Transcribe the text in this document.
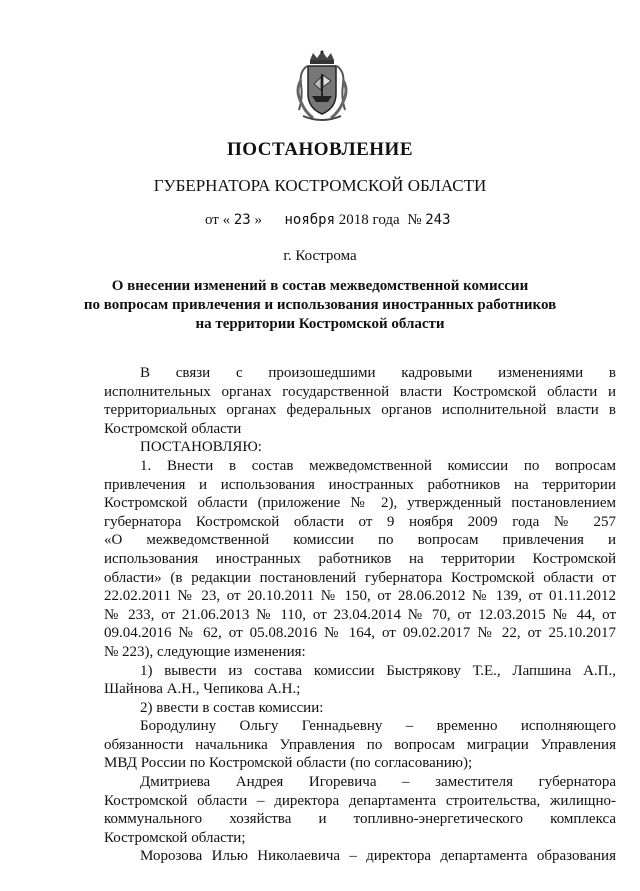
ПОСТАНОВЛЕНИЕ
ГУБЕРНАТОРА КОСТРОМСКОЙ ОБЛАСТИ
от « 23 » ноября 2018 года № 243
г. Кострома
О внесении изменений в состав межведомственной комиссии
по вопросам привлечения и использования иностранных работников
на территории Костромской области
В связи с произошедшими кадровыми изменениями в
исполнительных органах государственной власти Костромской области и
территориальных органах федеральных органов исполнительной власти в
Костромской области
ПОСТАНОВЛЯЮ:
1. Внести в состав межведомственной комиссии по вопросам
привлечения и использования иностранных работников на территории
Костромской области (приложение № 2), утвержденный постановлением
губернатора Костромской области от 9 ноября 2009 года № 257
«О межведомственной комиссии по вопросам привлечения и
использования иностранных работников на территории Костромской
области» (в редакции постановлений губернатора Костромской области от
22.02.2011 № 23, от 20.10.2011 № 150, от 28.06.2012 № 139, от 01.11.2012
№ 233, от 21.06.2013 № 110, от 23.04.2014 № 70, от 12.03.2015 № 44, от
09.04.2016 № 62, от 05.08.2016 № 164, от 09.02.2017 № 22, от 25.10.2017
№ 223), следующие изменения:
1) вывести из состава комиссии Быстрякову Т.Е., Лапшина А.П.,
Шайнова А.Н., Чепикова А.Н.;
2) ввести в состав комиссии:
Бородулину Ольгу Геннадьевну – временно исполняющего
обязанности начальника Управления по вопросам миграции Управления
МВД России по Костромской области (по согласованию);
Дмитриева Андрея Игоревича – заместителя губернатора
Костромской области – директора департамента строительства, жилищно-
коммунального хозяйства и топливно-энергетического комплекса
Костромской области;
Морозова Илью Николаевича – директора департамента образования
